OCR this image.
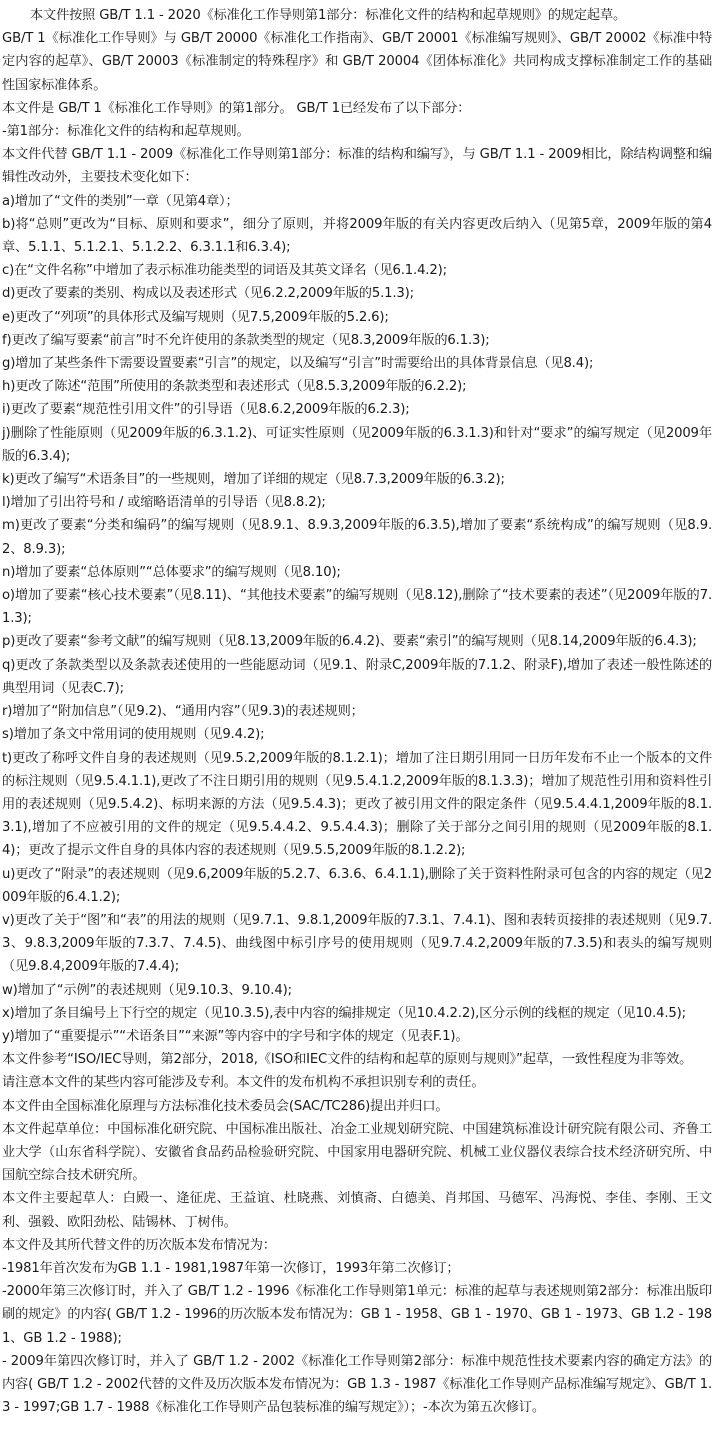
本文件按照 GB/T 1.1 - 2020《标准化工作导则第1部分：标准化文件的结构和起草规则》的规定起草。

GB/T 1《标准化工作导则》与 GB/T 20000《标准化工作指南》、GB/T 20001《标准编写规则》、GB/T 20002《标准中特定内容的起草》、GB/T 20003《标准制定的特殊程序》和 GB/T 20004《团体标准化》共同构成支撑标准制定工作的基础性国家标准体系。

本文件是 GB/T 1《标准化工作导则》的第1部分。 GB/T 1已经发布了以下部分：

-第1部分：标准化文件的结构和起草规则。

本文件代替 GB/T 1.1 - 2009《标准化工作导则第1部分：标准的结构和编写》，与 GB/T 1.1 - 2009相比，除结构调整和编辑性改动外，主要技术变化如下：

a)增加了“文件的类别”一章（见第4章）；

b)将“总则”更改为“目标、原则和要求”，细分了原则，并将2009年版的有关内容更改后纳入（见第5章，2009年版的第4章、5.1.1、5.1.2.1、5.1.2.2、6.3.1.1和6.3.4);

c)在“文件名称”中增加了表示标准功能类型的词语及其英文译名（见6.1.4.2);

d)更改了要素的类别、构成以及表述形式（见6.2.2,2009年版的5.1.3);

e)更改了“列项”的具体形式及编写规则（见7.5,2009年版的5.2.6);

f)更改了编写要素“前言”时不允许使用的条款类型的规定（见8.3,2009年版的6.1.3);

g)增加了某些条件下需要设置要素“引言”的规定，以及编写“引言”时需要给出的具体背景信息（见8.4);

h)更改了陈述“范围”所使用的条款类型和表述形式（见8.5.3,2009年版的6.2.2);

i)更改了要素“规范性引用文件”的引导语（见8.6.2,2009年版的6.2.3);

j)删除了性能原则（见2009年版的6.3.1.2)、可证实性原则（见2009年版的6.3.1.3)和针对“要求”的编写规定（见2009年版的6.3.4);

k)更改了编写“术语条目”的一些规则，增加了详细的规定（见8.7.3,2009年版的6.3.2);

l)增加了引出符号和 / 或缩略语清单的引导语（见8.8.2);

m)更改了要素“分类和编码”的编写规则（见8.9.1、8.9.3,2009年版的6.3.5),增加了要素“系统构成”的编写规则（见8.9.2、8.9.3);

n)增加了要素“总体原则”“总体要求”的编写规则（见8.10);

o)增加了要素“核心技术要素”（见8.11)、“其他技术要素”的编写规则（见8.12),删除了“技术要素的表述”（见2009年版的7.1.3);

p)更改了要素“参考文献”的编写规则（见8.13,2009年版的6.4.2)、要素“索引”的编写规则（见8.14,2009年版的6.4.3);

q)更改了条款类型以及条款表述使用的一些能愿动词（见9.1、附录C,2009年版的7.1.2、附录F),增加了表述一般性陈述的典型用词（见表C.7);

r)增加了“附加信息”（见9.2)、“通用内容”（见9.3)的表述规则；

s)增加了条文中常用词的使用规则（见9.4.2);

t)更改了称呼文件自身的表述规则（见9.5.2,2009年版的8.1.2.1)；增加了注日期引用同一日历年发布不止一个版本的文件的标注规则（见9.5.4.1.1),更改了不注日期引用的规则（见9.5.4.1.2,2009年版的8.1.3.3)；增加了规范性引用和资料性引用的表述规则（见9.5.4.2)、标明来源的方法（见9.5.4.3)；更改了被引用文件的限定条件（见9.5.4.4.1,2009年版的8.1.3.1),增加了不应被引用的文件的规定（见9.5.4.4.2、9.5.4.4.3)；删除了关于部分之间引用的规则（见2009年版的8.1.4)；更改了提示文件自身的具体内容的表述规则（见9.5.5,2009年版的8.1.2.2);

u)更改了“附录”的表述规则（见9.6,2009年版的5.2.7、6.3.6、6.4.1.1),删除了关于资料性附录可包含的内容的规定（见2009年版的6.4.1.2);

v)更改了关于“图”和“表”的用法的规则（见9.7.1、9.8.1,2009年版的7.3.1、7.4.1)、图和表转页接排的表述规则（见9.7.3、9.8.3,2009年版的7.3.7、7.4.5)、曲线图中标引序号的使用规则（见9.7.4.2,2009年版的7.3.5)和表头的编写规则（见9.8.4,2009年版的7.4.4);

w)增加了“示例”的表述规则（见9.10.3、9.10.4);

x)增加了条目编号上下行空的规定（见10.3.5),表中内容的编排规定（见10.4.2.2),区分示例的线框的规定（见10.4.5);

y)增加了“重要提示”“术语条目”“来源”等内容中的字号和字体的规定（见表F.1)。

本文件参考“ISO/IEC导则，第2部分，2018,《ISO和IEC文件的结构和起草的原则与规则》”起草，一致性程度为非等效。

请注意本文件的某些内容可能涉及专利。本文件的发布机构不承担识别专利的责任。

本文件由全国标准化原理与方法标准化技术委员会(SAC/TC286)提出并归口。

本文件起草单位：中国标准化研究院、中国标准出版社、冶金工业规划研究院、中国建筑标准设计研究院有限公司、齐鲁工业大学（山东省科学院）、安徽省食品药品检验研究院、中国家用电器研究院、机械工业仪器仪表综合技术经济研究所、中国航空综合技术研究所。

本文件主要起草人：白殿一、逄征虎、王益谊、杜晓燕、刘慎斋、白德美、肖邦国、马德军、冯海悦、李佳、李刚、王文利、强毅、欧阳劲松、陆锡林、丁树伟。

本文件及其所代替文件的历次版本发布情况为：

-1981年首次发布为GB 1.1 - 1981,1987年第一次修订，1993年第二次修订；

-2000年第三次修订时，并入了 GB/T 1.2 - 1996《标准化工作导则第1单元：标准的起草与表述规则第2部分：标准出版印刷的规定》的内容( GB/T 1.2 - 1996的历次版本发布情况为：GB 1 - 1958、GB 1 - 1970、GB 1 - 1973、GB 1.2 - 1981、GB 1.2 - 1988);

- 2009年第四次修订时，并入了 GB/T 1.2 - 2002《标准化工作导则第2部分：标准中规范性技术要素内容的确定方法》的内容( GB/T 1.2 - 2002代替的文件及历次版本发布情况为：GB 1.3 - 1987《标准化工作导则产品标准编写规定》、GB/T 1.3 - 1997;GB 1.7 - 1988《标准化工作导则产品包装标准的编写规定》）；-本次为第五次修订。
